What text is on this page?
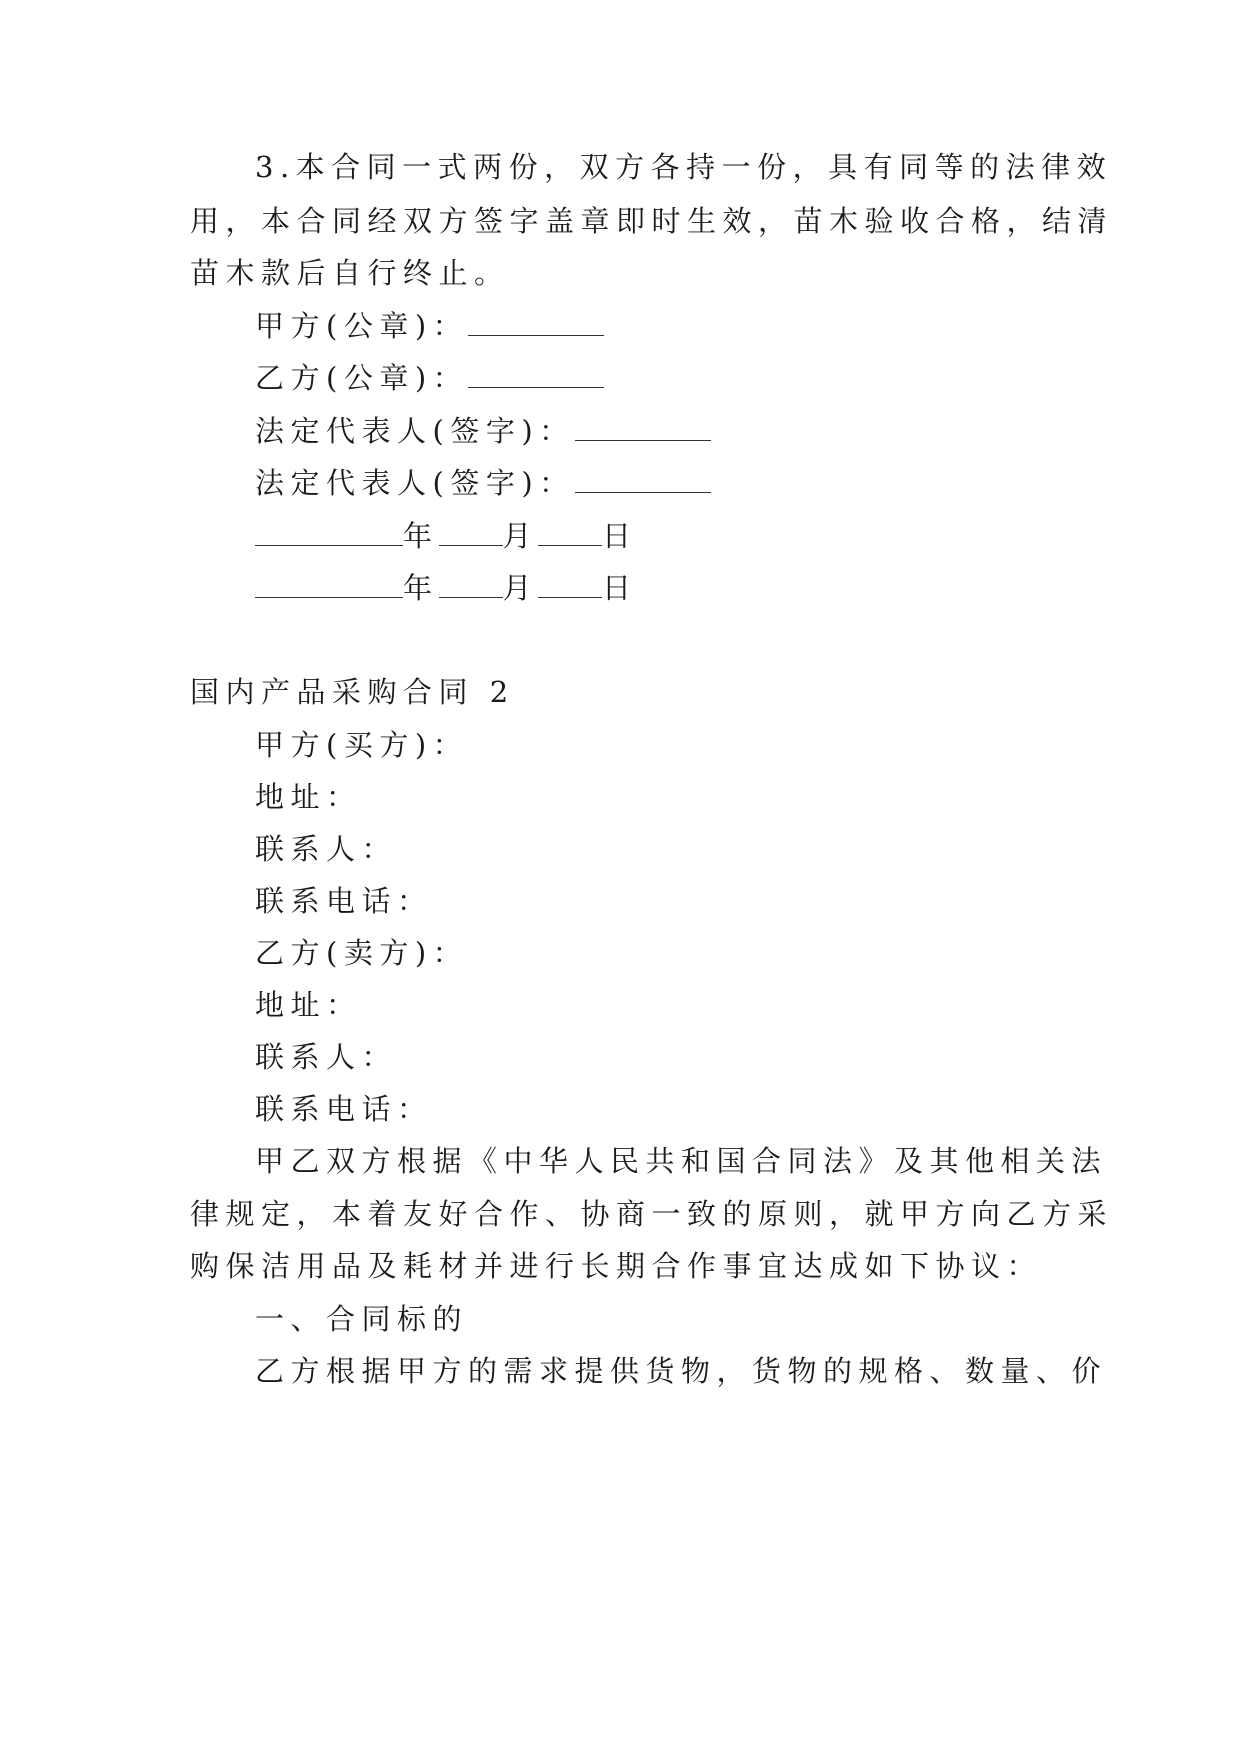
3.本合同一式两份，双方各持一份，具有同等的法律效
用，本合同经双方签字盖章即时生效，苗木验收合格，结清
苗木款后自行终止。
甲方(公章)：
乙方(公章)：
法定代表人(签字)：
法定代表人(签字)：
年 月 日
年 月 日
国内产品采购合同 2
甲方(买方)：
地址：
联系人：
联系电话：
乙方(卖方)：
地址：
联系人：
联系电话：
甲乙双方根据《中华人民共和国合同法》及其他相关法
律规定，本着友好合作、协商一致的原则，就甲方向乙方采
购保洁用品及耗材并进行长期合作事宜达成如下协议：
一、合同标的
乙方根据甲方的需求提供货物，货物的规格、数量、价
